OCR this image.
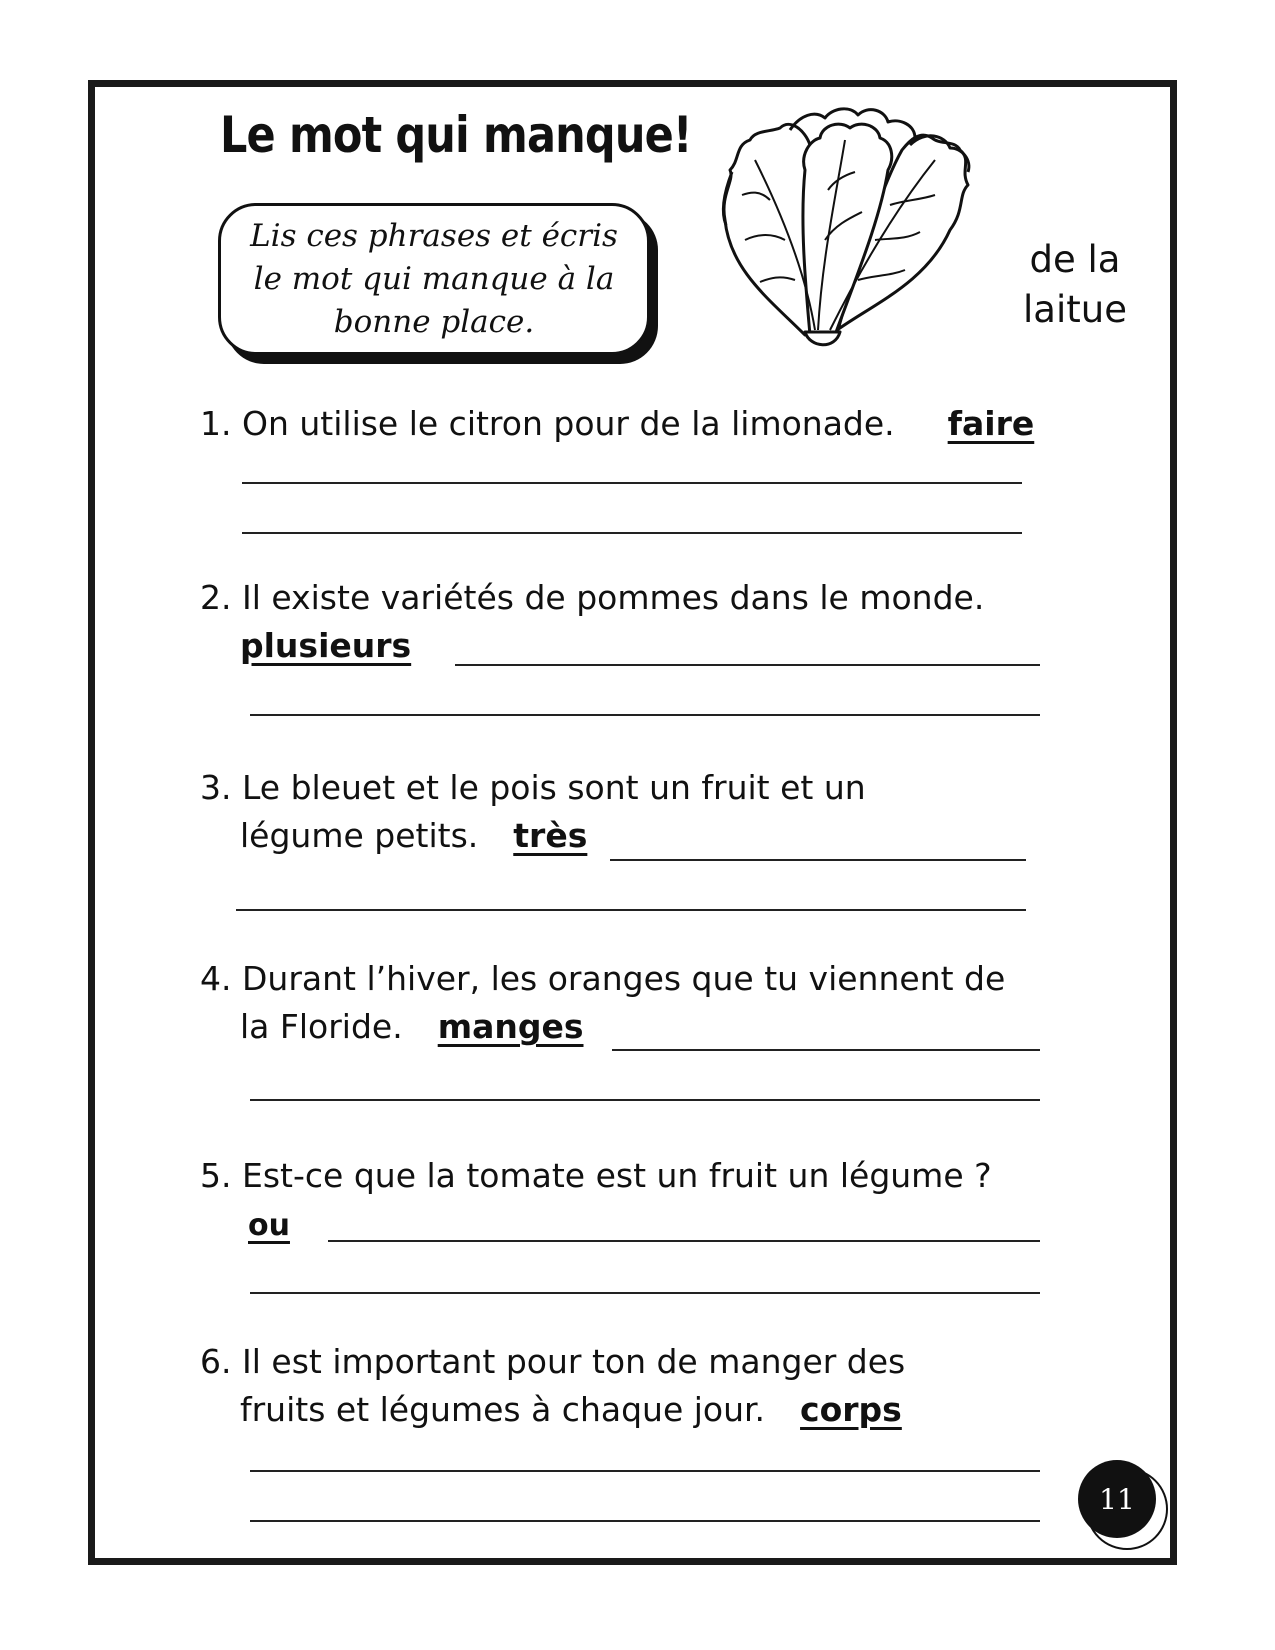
Le mot qui manque!
Lis ces phrases et écris le mot qui manque à la bonne place.
de la
laitue
1. On utilise le citron pour de la limonade. faire
2. Il existe variétés de pommes dans le monde.
plusieurs
3. Le bleuet et le pois sont un fruit et un
légume petits. très
4. Durant l’hiver, les oranges que tu viennent de
la Floride. manges
5. Est-ce que la tomate est un fruit un légume ?
ou
6. Il est important pour ton de manger des
fruits et légumes à chaque jour. corps
11
